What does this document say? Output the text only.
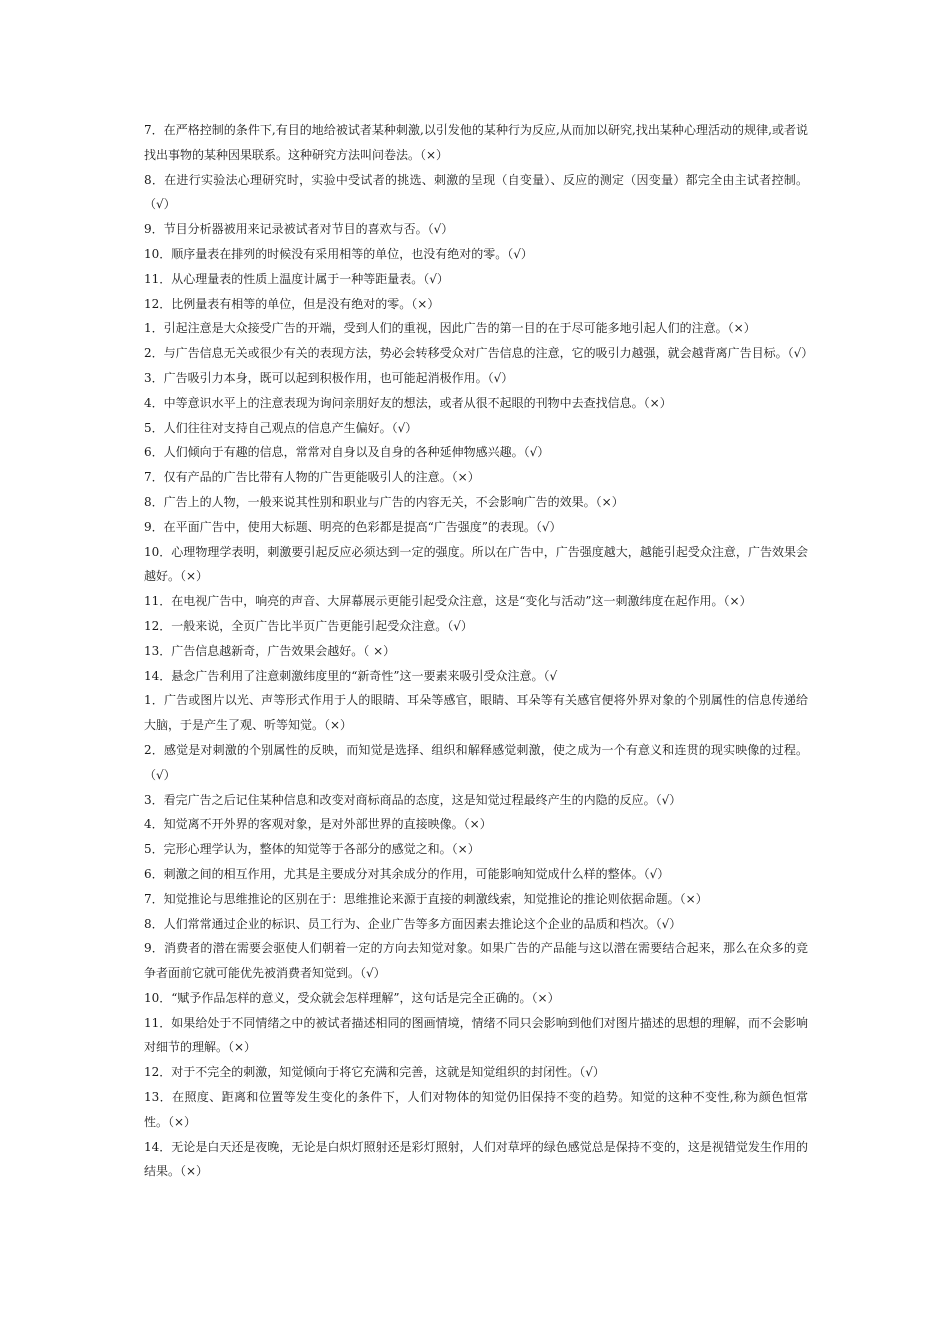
7．在严格控制的条件下,有目的地给被试者某种刺激,以引发他的某种行为反应,从而加以研究,找出某种心理活动的规律,或者说找出事物的某种因果联系。这种研究方法叫问卷法。（×）

8．在进行实验法心理研究时，实验中受试者的挑选、刺激的呈现（自变量）、反应的测定（因变量）都完全由主试者控制。（√）

9．节目分析器被用来记录被试者对节目的喜欢与否。（√）

10．顺序量表在排列的时候没有采用相等的单位，也没有绝对的零。（√）

11．从心理量表的性质上温度计属于一种等距量表。（√）

12．比例量表有相等的单位，但是没有绝对的零。（×）

1．引起注意是大众接受广告的开端，受到人们的重视，因此广告的第一目的在于尽可能多地引起人们的注意。（×）

2．与广告信息无关或很少有关的表现方法，势必会转移受众对广告信息的注意，它的吸引力越强，就会越背离广告目标。（√）

3．广告吸引力本身，既可以起到积极作用，也可能起消极作用。（√）

4．中等意识水平上的注意表现为询问亲朋好友的想法，或者从很不起眼的刊物中去查找信息。（×）

5．人们往往对支持自己观点的信息产生偏好。（√）

6．人们倾向于有趣的信息，常常对自身以及自身的各种延伸物感兴趣。（√）

7．仅有产品的广告比带有人物的广告更能吸引人的注意。（×）

8．广告上的人物，一般来说其性别和职业与广告的内容无关，不会影响广告的效果。（×）

9．在平面广告中，使用大标题、明亮的色彩都是提高“广告强度”的表现。（√）

10．心理物理学表明，刺激要引起反应必须达到一定的强度。所以在广告中，广告强度越大，越能引起受众注意，广告效果会越好。（×）

11．在电视广告中，响亮的声音、大屏幕展示更能引起受众注意，这是“变化与活动”这一刺激纬度在起作用。（×）

12．一般来说，全页广告比半页广告更能引起受众注意。（√）

13．广告信息越新奇，广告效果会越好。（ ×）

14．悬念广告利用了注意刺激纬度里的“新奇性”这一要素来吸引受众注意。（√

1．广告或图片以光、声等形式作用于人的眼睛、耳朵等感官，眼睛、耳朵等有关感官便将外界对象的个别属性的信息传递给大脑，于是产生了观、听等知觉。（×）

2．感觉是对刺激的个别属性的反映，而知觉是选择、组织和解释感觉刺激，使之成为一个有意义和连贯的现实映像的过程。（√）

3．看完广告之后记住某种信息和改变对商标商品的态度，这是知觉过程最终产生的内隐的反应。（√）

4．知觉离不开外界的客观对象，是对外部世界的直接映像。（×）

5．完形心理学认为，整体的知觉等于各部分的感觉之和。（×）

6．刺激之间的相互作用，尤其是主要成分对其余成分的作用，可能影响知觉成什么样的整体。（√）

7．知觉推论与思维推论的区别在于：思维推论来源于直接的刺激线索，知觉推论的推论则依据命题。（×）

8．人们常常通过企业的标识、员工行为、企业广告等多方面因素去推论这个企业的品质和档次。（√）

9．消费者的潜在需要会驱使人们朝着一定的方向去知觉对象。如果广告的产品能与这以潜在需要结合起来，那么在众多的竞争者面前它就可能优先被消费者知觉到。（√）

10．“赋予作品怎样的意义，受众就会怎样理解”，这句话是完全正确的。（×）

11．如果给处于不同情绪之中的被试者描述相同的图画情境，情绪不同只会影响到他们对图片描述的思想的理解，而不会影响对细节的理解。（×）

12．对于不完全的刺激，知觉倾向于将它充满和完善，这就是知觉组织的封闭性。（√）

13．在照度、距离和位置等发生变化的条件下，人们对物体的知觉仍旧保持不变的趋势。知觉的这种不变性,称为颜色恒常性。（×）

14．无论是白天还是夜晚，无论是白炽灯照射还是彩灯照射，人们对草坪的绿色感觉总是保持不变的，这是视错觉发生作用的结果。（×）
